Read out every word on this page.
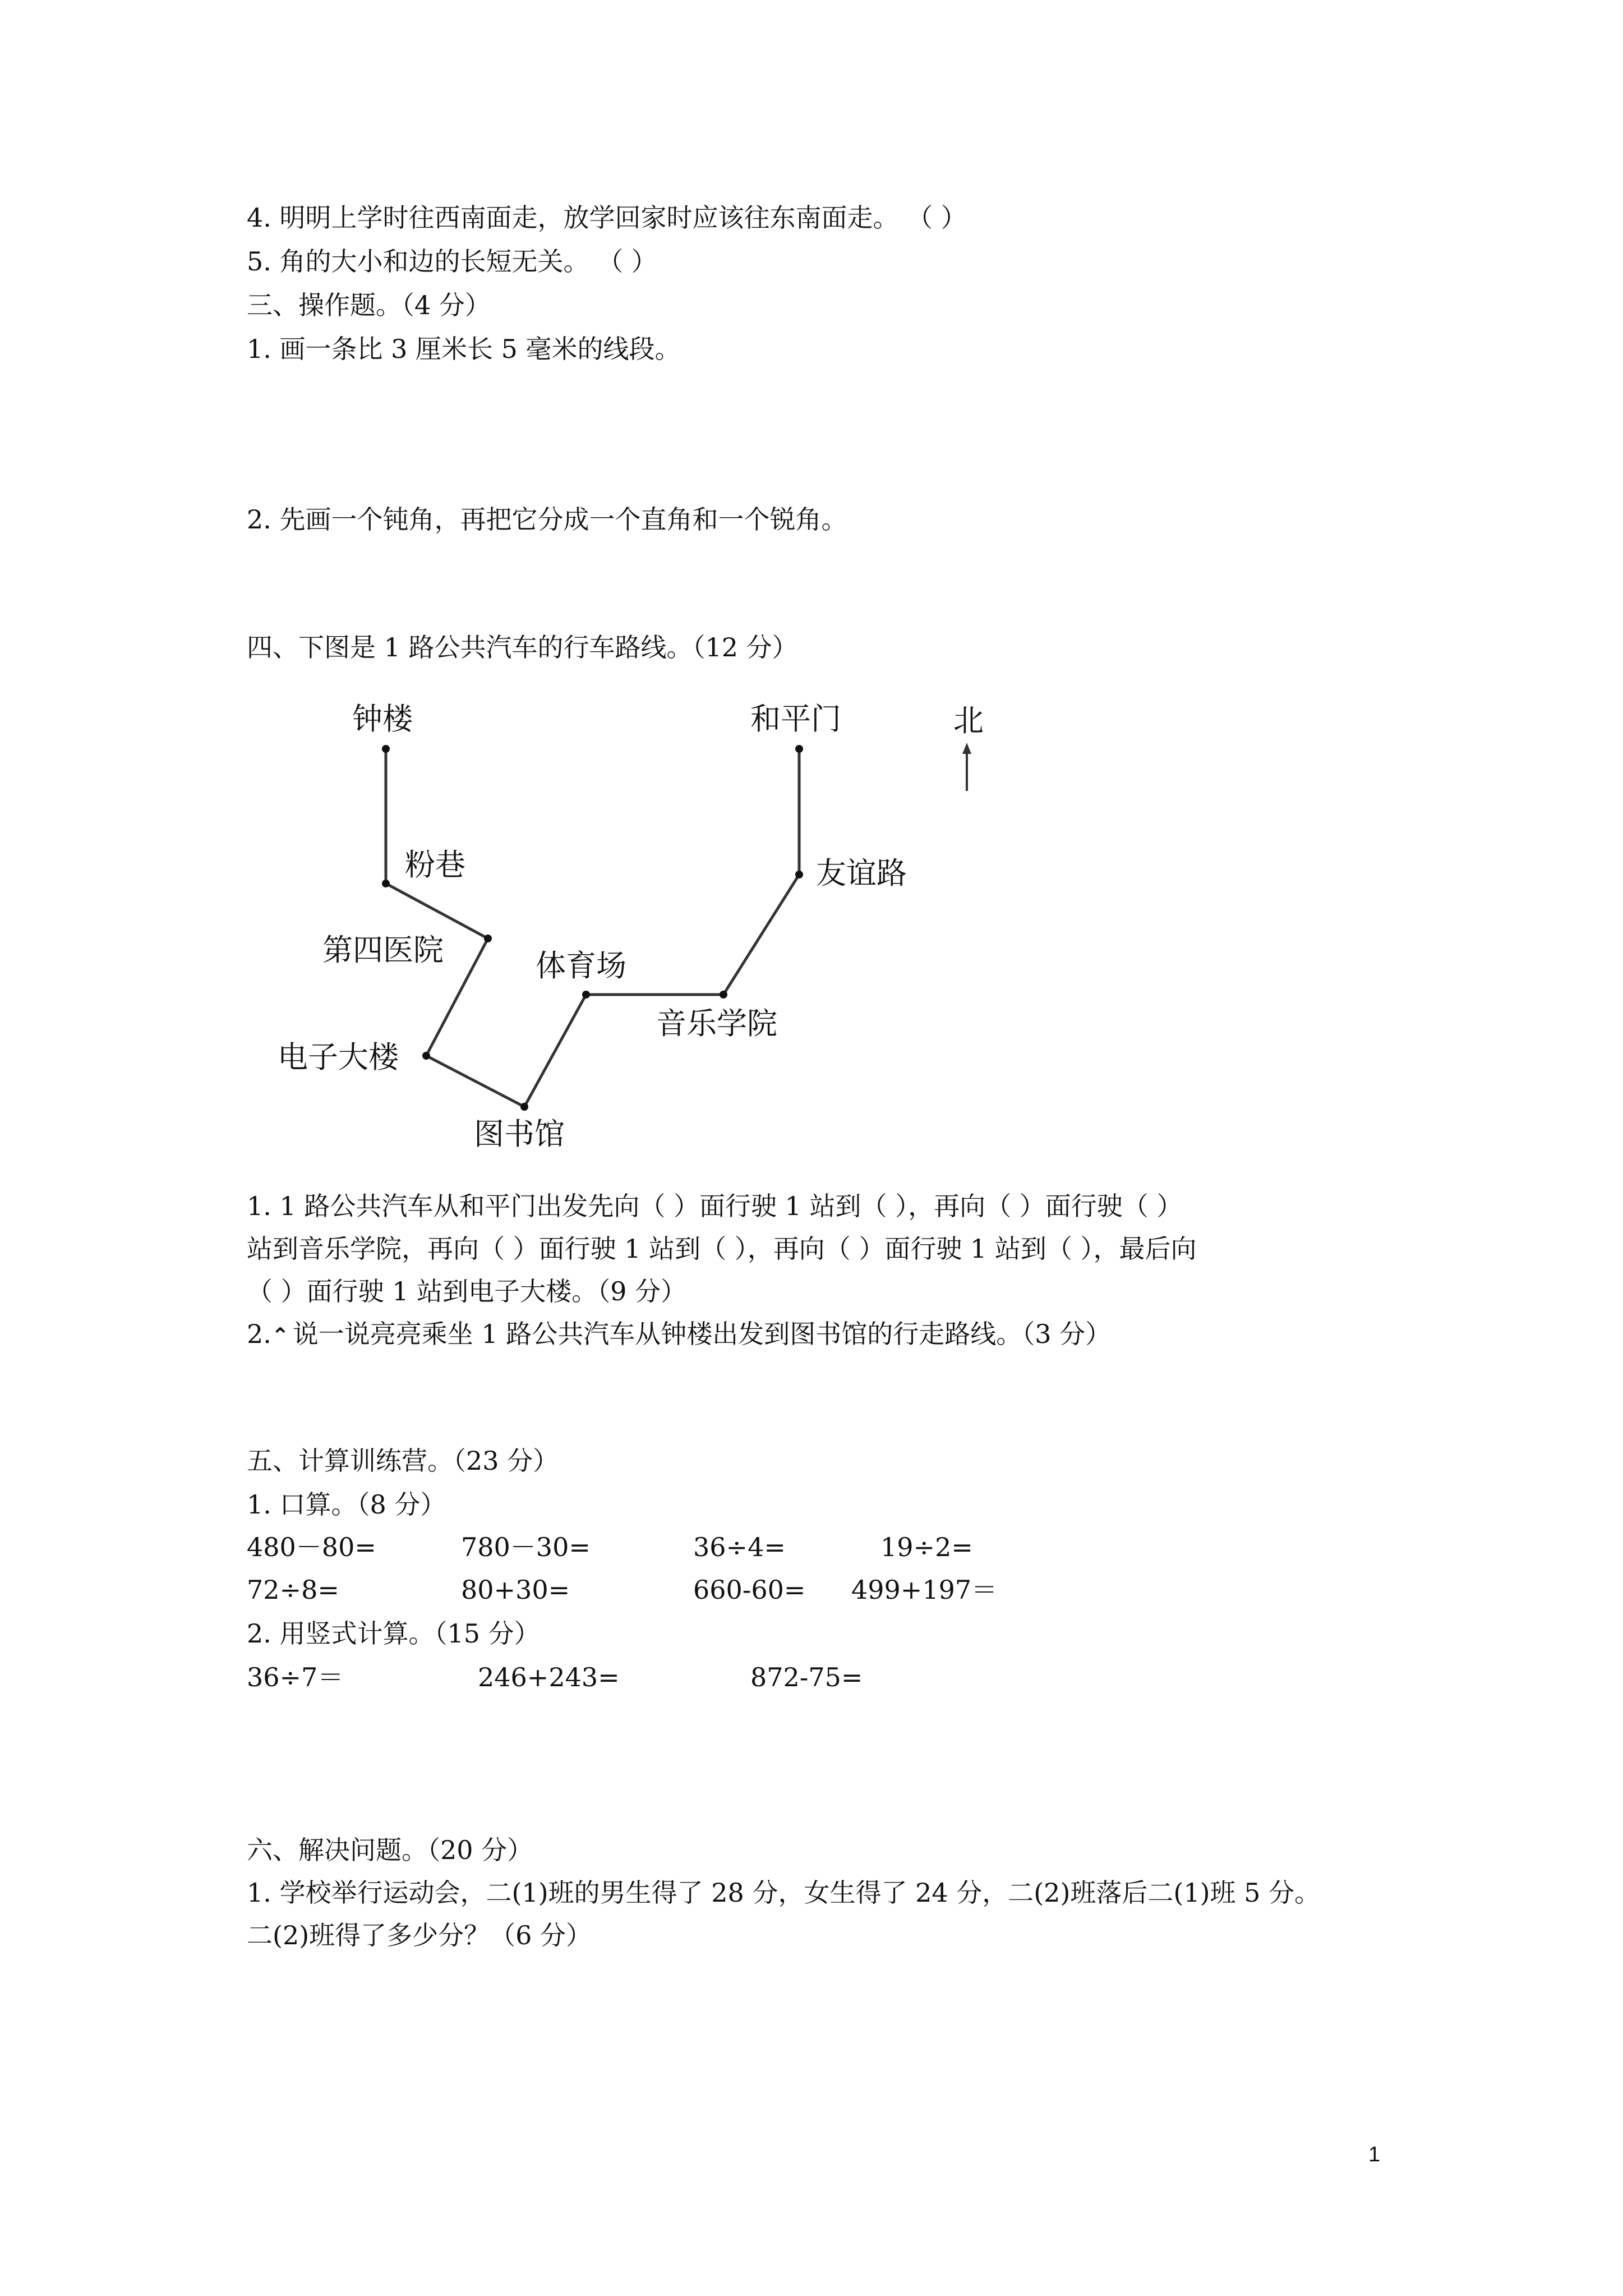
4. 明明上学时往西南面走，放学回家时应该往东南面走。 （ ）
5. 角的大小和边的长短无关。 （ ）
三、操作题。（4 分）
1. 画一条比 3 厘米长 5 毫米的线段。
2. 先画一个钝角，再把它分成一个直角和一个锐角。
四、下图是 1 路公共汽车的行车路线。（12 分）
北
钟楼
粉巷
第四医院
电子大楼
图书馆
体育场
音乐学院
友谊路
和平门
1. 1 路公共汽车从和平门出发先向（ ）面行驶 1 站到（ ），再向（ ）面行驶（ ）
站到音乐学院，再向（ ）面行驶 1 站到（ ），再向（ ）面行驶 1 站到（ ），最后向
（ ）面行驶 1 站到电子大楼。（9 分）
2.⌃ 说一说亮亮乘坐 1 路公共汽车从钟楼出发到图书馆的行走路线。（3 分）
五、计算训练营。（23 分）
1. 口算。（8 分）
480－80=	780－30=	36÷4=	19÷2=
72÷8=	80+30=	660-60= 499+197＝
2. 用竖式计算。（15 分）
36÷7＝	246+243=	872-75=
六、解决问题。（20 分）
1. 学校举行运动会，二(1)班的男生得了 28 分，女生得了 24 分，二(2)班落后二(1)班 5 分。
二(2)班得了多少分？（6 分）
1
